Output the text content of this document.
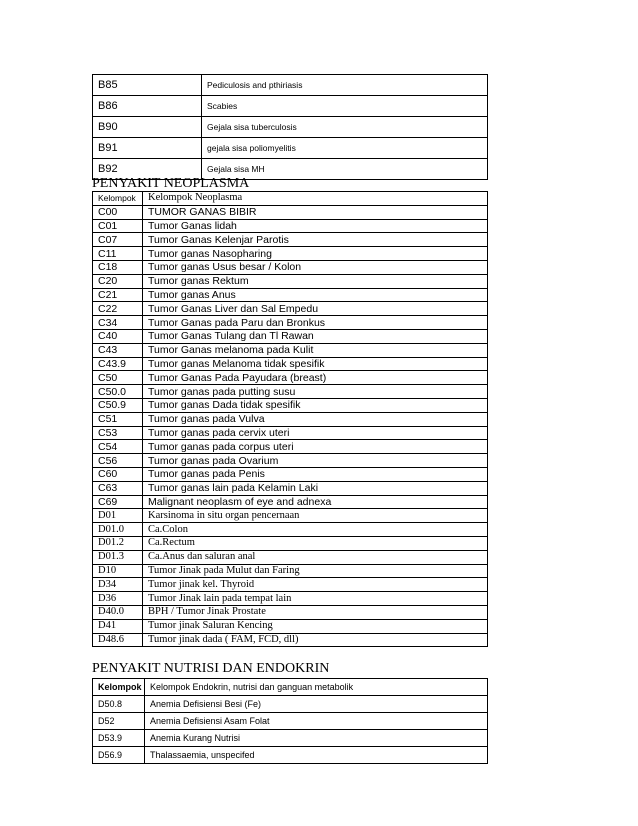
B85	Pediculosis and pthiriasis
B86	Scabies
B90	Gejala sisa tuberculosis
B91	gejala sisa poliomyelitis
B92	Gejala sisa MH

PENYAKIT NEOPLASMA

Kelompok	Kelompok Neoplasma
C00	TUMOR GANAS BIBIR
C01	Tumor Ganas lidah
C07	Tumor Ganas Kelenjar Parotis
C11	Tumor ganas Nasopharing
C18	Tumor ganas Usus besar / Kolon
C20	Tumor ganas Rektum
C21	Tumor ganas Anus
C22	Tumor Ganas Liver dan Sal Empedu
C34	Tumor Ganas pada Paru dan Bronkus
C40	Tumor Ganas Tulang dan Tl Rawan
C43	Tumor Ganas melanoma pada Kulit
C43.9	Tumor ganas Melanoma tidak spesifik
C50	Tumor Ganas Pada Payudara (breast)
C50.0	Tumor ganas pada putting susu
C50.9	Tumor ganas Dada tidak spesifik
C51	Tumor ganas pada Vulva
C53	Tumor ganas pada cervix uteri
C54	Tumor ganas pada corpus uteri
C56	Tumor ganas pada Ovarium
C60	Tumor ganas pada Penis
C63	Tumor ganas lain pada Kelamin Laki
C69	Malignant neoplasm of eye and adnexa
D01	Karsinoma in situ organ pencernaan
D01.0	Ca.Colon
D01.2	Ca.Rectum
D01.3	Ca.Anus dan saluran anal
D10	Tumor Jinak pada Mulut dan Faring
D34	Tumor jinak kel. Thyroid
D36	Tumor Jinak lain pada tempat lain
D40.0	BPH / Tumor Jinak Prostate
D41	Tumor jinak Saluran Kencing
D48.6	Tumor jinak dada ( FAM, FCD, dll)

PENYAKIT NUTRISI DAN ENDOKRIN

Kelompok	Kelompok Endokrin, nutrisi dan ganguan metabolik
D50.8	Anemia Defisiensi Besi (Fe)
D52	Anemia Defisiensi Asam Folat
D53.9	Anemia Kurang Nutrisi
D56.9	Thalassaemia, unspecifed
